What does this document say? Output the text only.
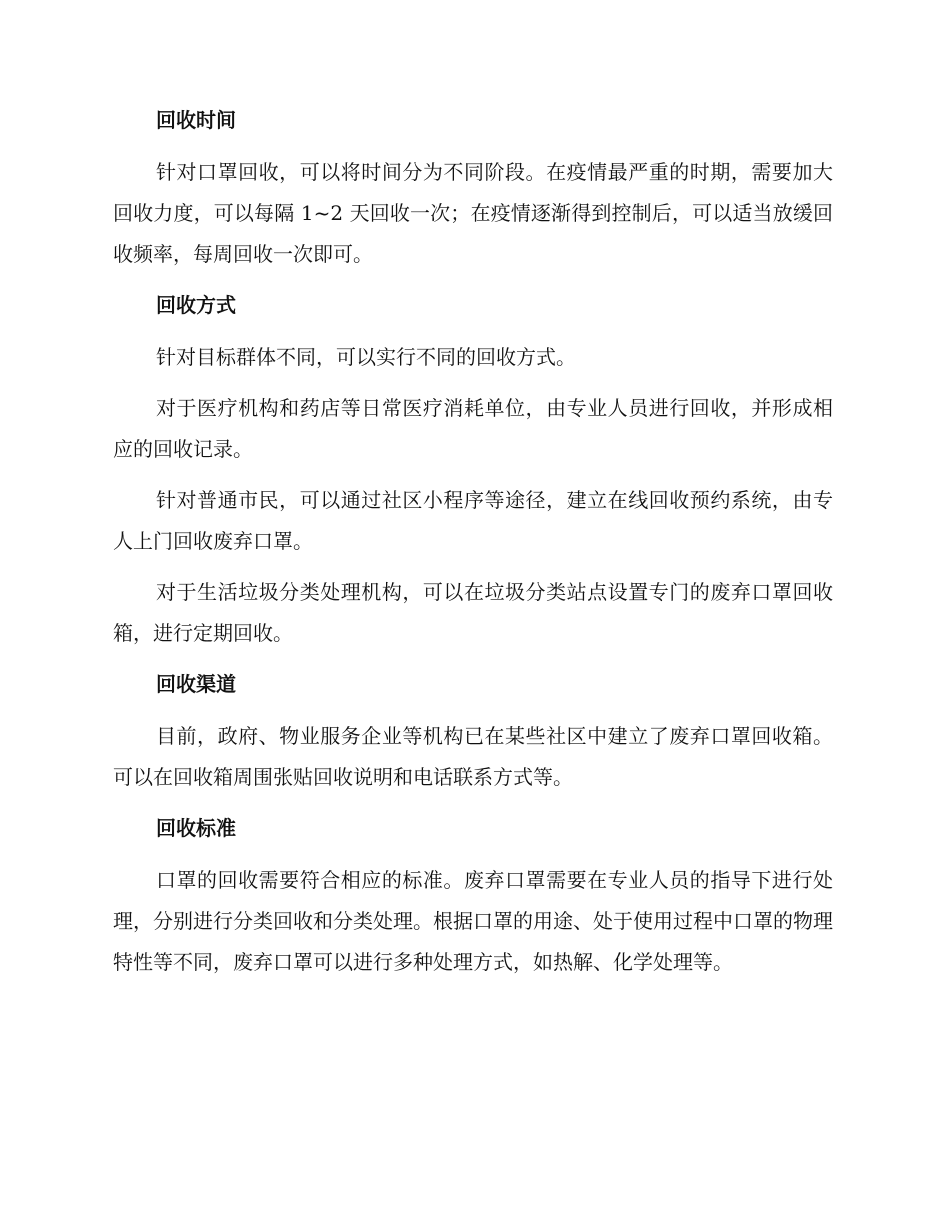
回收时间

针对口罩回收，可以将时间分为不同阶段。在疫情最严重的时期，需要加大回收力度，可以每隔 1~2 天回收一次；在疫情逐渐得到控制后，可以适当放缓回收频率，每周回收一次即可。

回收方式

针对目标群体不同，可以实行不同的回收方式。

对于医疗机构和药店等日常医疗消耗单位，由专业人员进行回收，并形成相应的回收记录。

针对普通市民，可以通过社区小程序等途径，建立在线回收预约系统，由专人上门回收废弃口罩。

对于生活垃圾分类处理机构，可以在垃圾分类站点设置专门的废弃口罩回收箱，进行定期回收。

回收渠道

目前，政府、物业服务企业等机构已在某些社区中建立了废弃口罩回收箱。可以在回收箱周围张贴回收说明和电话联系方式等。

回收标准

口罩的回收需要符合相应的标准。废弃口罩需要在专业人员的指导下进行处理，分别进行分类回收和分类处理。根据口罩的用途、处于使用过程中口罩的物理特性等不同，废弃口罩可以进行多种处理方式，如热解、化学处理等。
